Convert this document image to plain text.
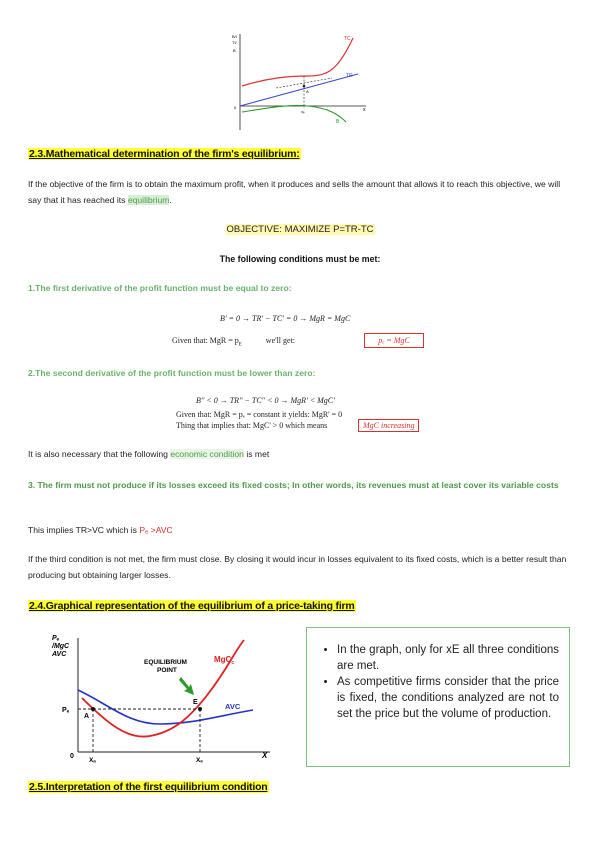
B/I
TI/
B
A
TC
TR
B
0	x
xₑ
2.3.Mathematical determination of the firm's equilibrium:
If the objective of the firm is to obtain the maximum profit, when it produces and sells the amount that allows it to reach this objective, we will say that it has reached its equilibrium.
OBJECTIVE: MAXIMIZE P=TR-TC
The following conditions must be met:
1.The first derivative of the profit function must be equal to zero:
B' = 0 → TR' − TC' = 0 → MgR = MgC
Given that: MgR = $p_E$ we'll get:	pₑ = MgC
2.The second derivative of the profit function must be lower than zero:
B'' < 0 → TR'' − TC'' < 0 → MgR' < MgC'
Given that: MgR = pₑ = constant it yields: MgR' = 0
Thing that implies that: MgC' > 0 which means	MgC increasing
It is also necessary that the following economic condition is met
3. The firm must not produce if its losses exceed its fixed costs; In other words, its revenues must at least cover its variable costs
This implies TR>VC which is Pₑ >AVC
If the third condition is not met, the firm must close. By closing it would incur in losses equivalent to its fixed costs, which is a better result than producing but obtaining larger losses.
2.4.Graphical representation of the equilibrium of a price-taking firm
Pₑ
/MgC
AVC
A
E
Pₑ
EQUILIBRIUM
POINT
MgC$_c$
AVC
0
Xₐ	Xₑ
X
• In the graph, only for xE all three conditions are met.
• As competitive firms consider that the price is fixed, the conditions analyzed are not to set the price but the volume of production.
2.5.Interpretation of the first equilibrium condition
